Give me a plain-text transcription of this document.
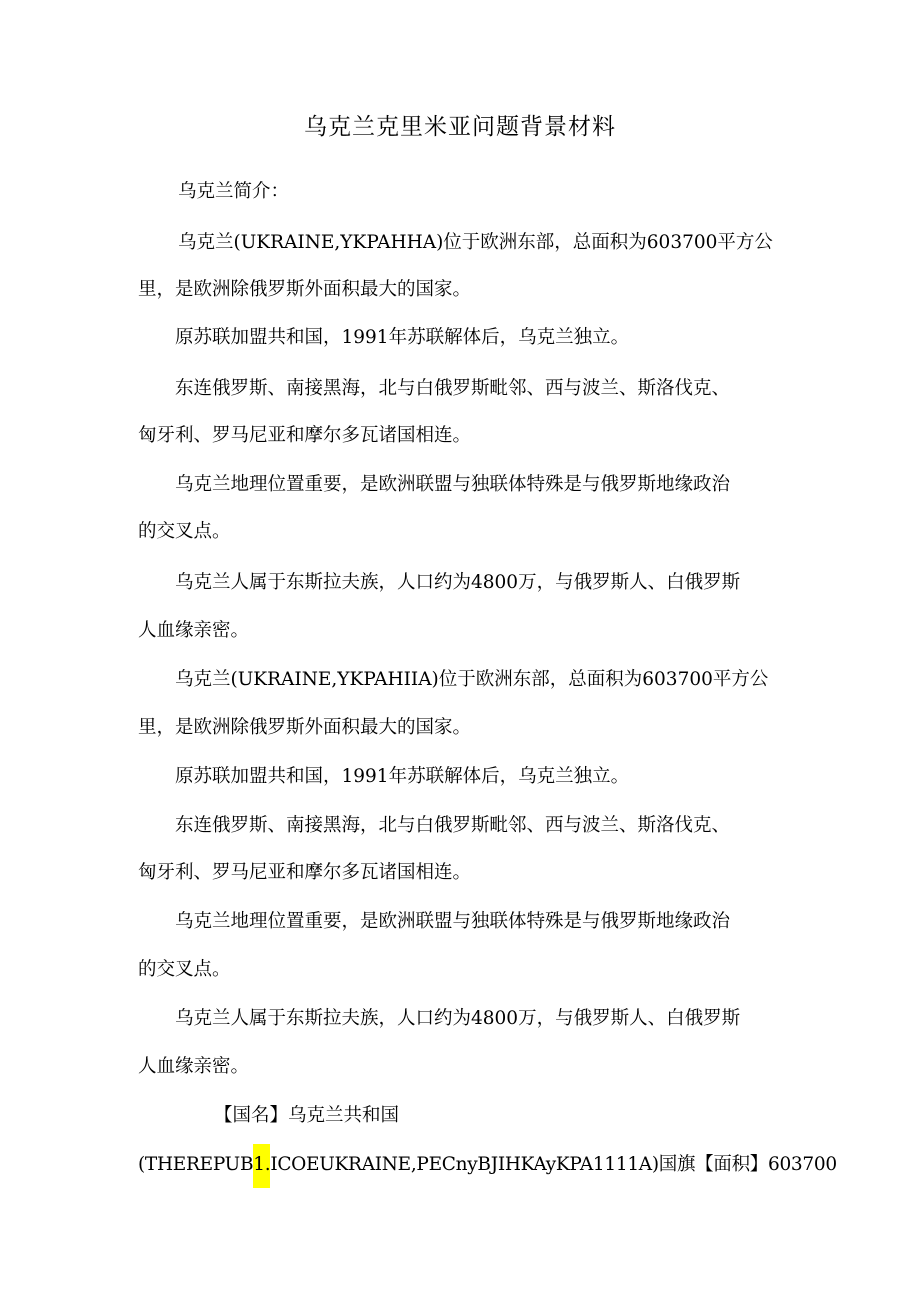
乌克兰克里米亚问题背景材料
乌克兰简介：
乌克兰(UKRAINE,YKPAHHA)位于欧洲东部，总面积为603700平方公
里，是欧洲除俄罗斯外面积最大的国家。
原苏联加盟共和国，1991年苏联解体后，乌克兰独立。
东连俄罗斯、南接黑海，北与白俄罗斯毗邻、西与波兰、斯洛伐克、
匈牙利、罗马尼亚和摩尔多瓦诸国相连。
乌克兰地理位置重要，是欧洲联盟与独联体特殊是与俄罗斯地缘政治
的交叉点。
乌克兰人属于东斯拉夫族，人口约为4800万，与俄罗斯人、白俄罗斯
人血缘亲密。
乌克兰(UKRAINE,YKPAHIIA)位于欧洲东部，总面积为603700平方公
里，是欧洲除俄罗斯外面积最大的国家。
原苏联加盟共和国，1991年苏联解体后，乌克兰独立。
东连俄罗斯、南接黑海，北与白俄罗斯毗邻、西与波兰、斯洛伐克、
匈牙利、罗马尼亚和摩尔多瓦诸国相连。
乌克兰地理位置重要，是欧洲联盟与独联体特殊是与俄罗斯地缘政治
的交叉点。
乌克兰人属于东斯拉夫族，人口约为4800万，与俄罗斯人、白俄罗斯
人血缘亲密。
【国名】乌克兰共和国
(THEREPUB1.ICOEUKRAINE,PECnyBJIHKAyKPA1111A)国旗【面积】603700
